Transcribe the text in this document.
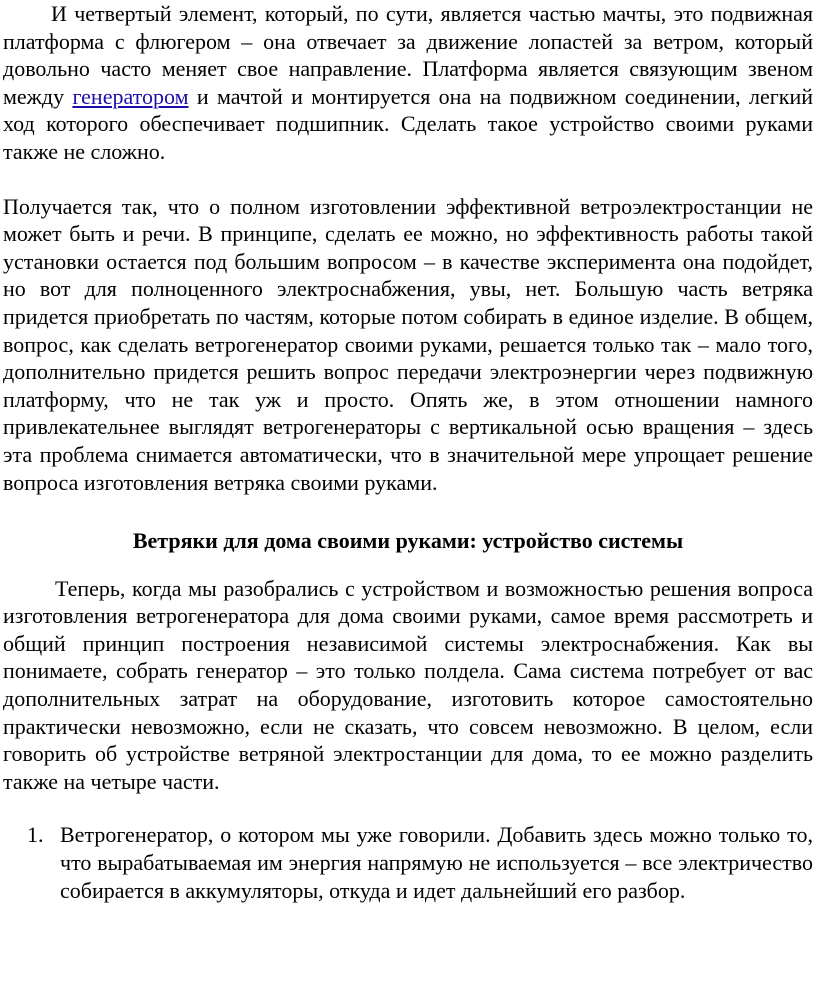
И четвертый элемент, который, по сути, является частью мачты, это подвижная платформа с флюгером – она отвечает за движение лопастей за ветром, который довольно часто меняет свое направление. Платформа является связующим звеном между генератором и мачтой и монтируется она на подвижном соединении, легкий ход которого обеспечивает подшипник. Сделать такое устройство своими руками также не сложно.

Получается так, что о полном изготовлении эффективной ветроэлектростанции не может быть и речи. В принципе, сделать ее можно, но эффективность работы такой установки остается под большим вопросом – в качестве эксперимента она подойдет, но вот для полноценного электроснабжения, увы, нет. Большую часть ветряка придется приобретать по частям, которые потом собирать в единое изделие. В общем, вопрос, как сделать ветрогенератор своими руками, решается только так – мало того, дополнительно придется решить вопрос передачи электроэнергии через подвижную платформу, что не так уж и просто. Опять же, в этом отношении намного привлекательнее выглядят ветрогенераторы с вертикальной осью вращения – здесь эта проблема снимается автоматически, что в значительной мере упрощает решение вопроса изготовления ветряка своими руками.

Ветряки для дома своими руками: устройство системы

Теперь, когда мы разобрались с устройством и возможностью решения вопроса изготовления ветрогенератора для дома своими руками, самое время рассмотреть и общий принцип построения независимой системы электроснабжения. Как вы понимаете, собрать генератор – это только полдела. Сама система потребует от вас дополнительных затрат на оборудование, изготовить которое самостоятельно практически невозможно, если не сказать, что совсем невозможно. В целом, если говорить об устройстве ветряной электростанции для дома, то ее можно разделить также на четыре части.

1. Ветрогенератор, о котором мы уже говорили. Добавить здесь можно только то, что вырабатываемая им энергия напрямую не используется – все электричество собирается в аккумуляторы, откуда и идет дальнейший его разбор.
